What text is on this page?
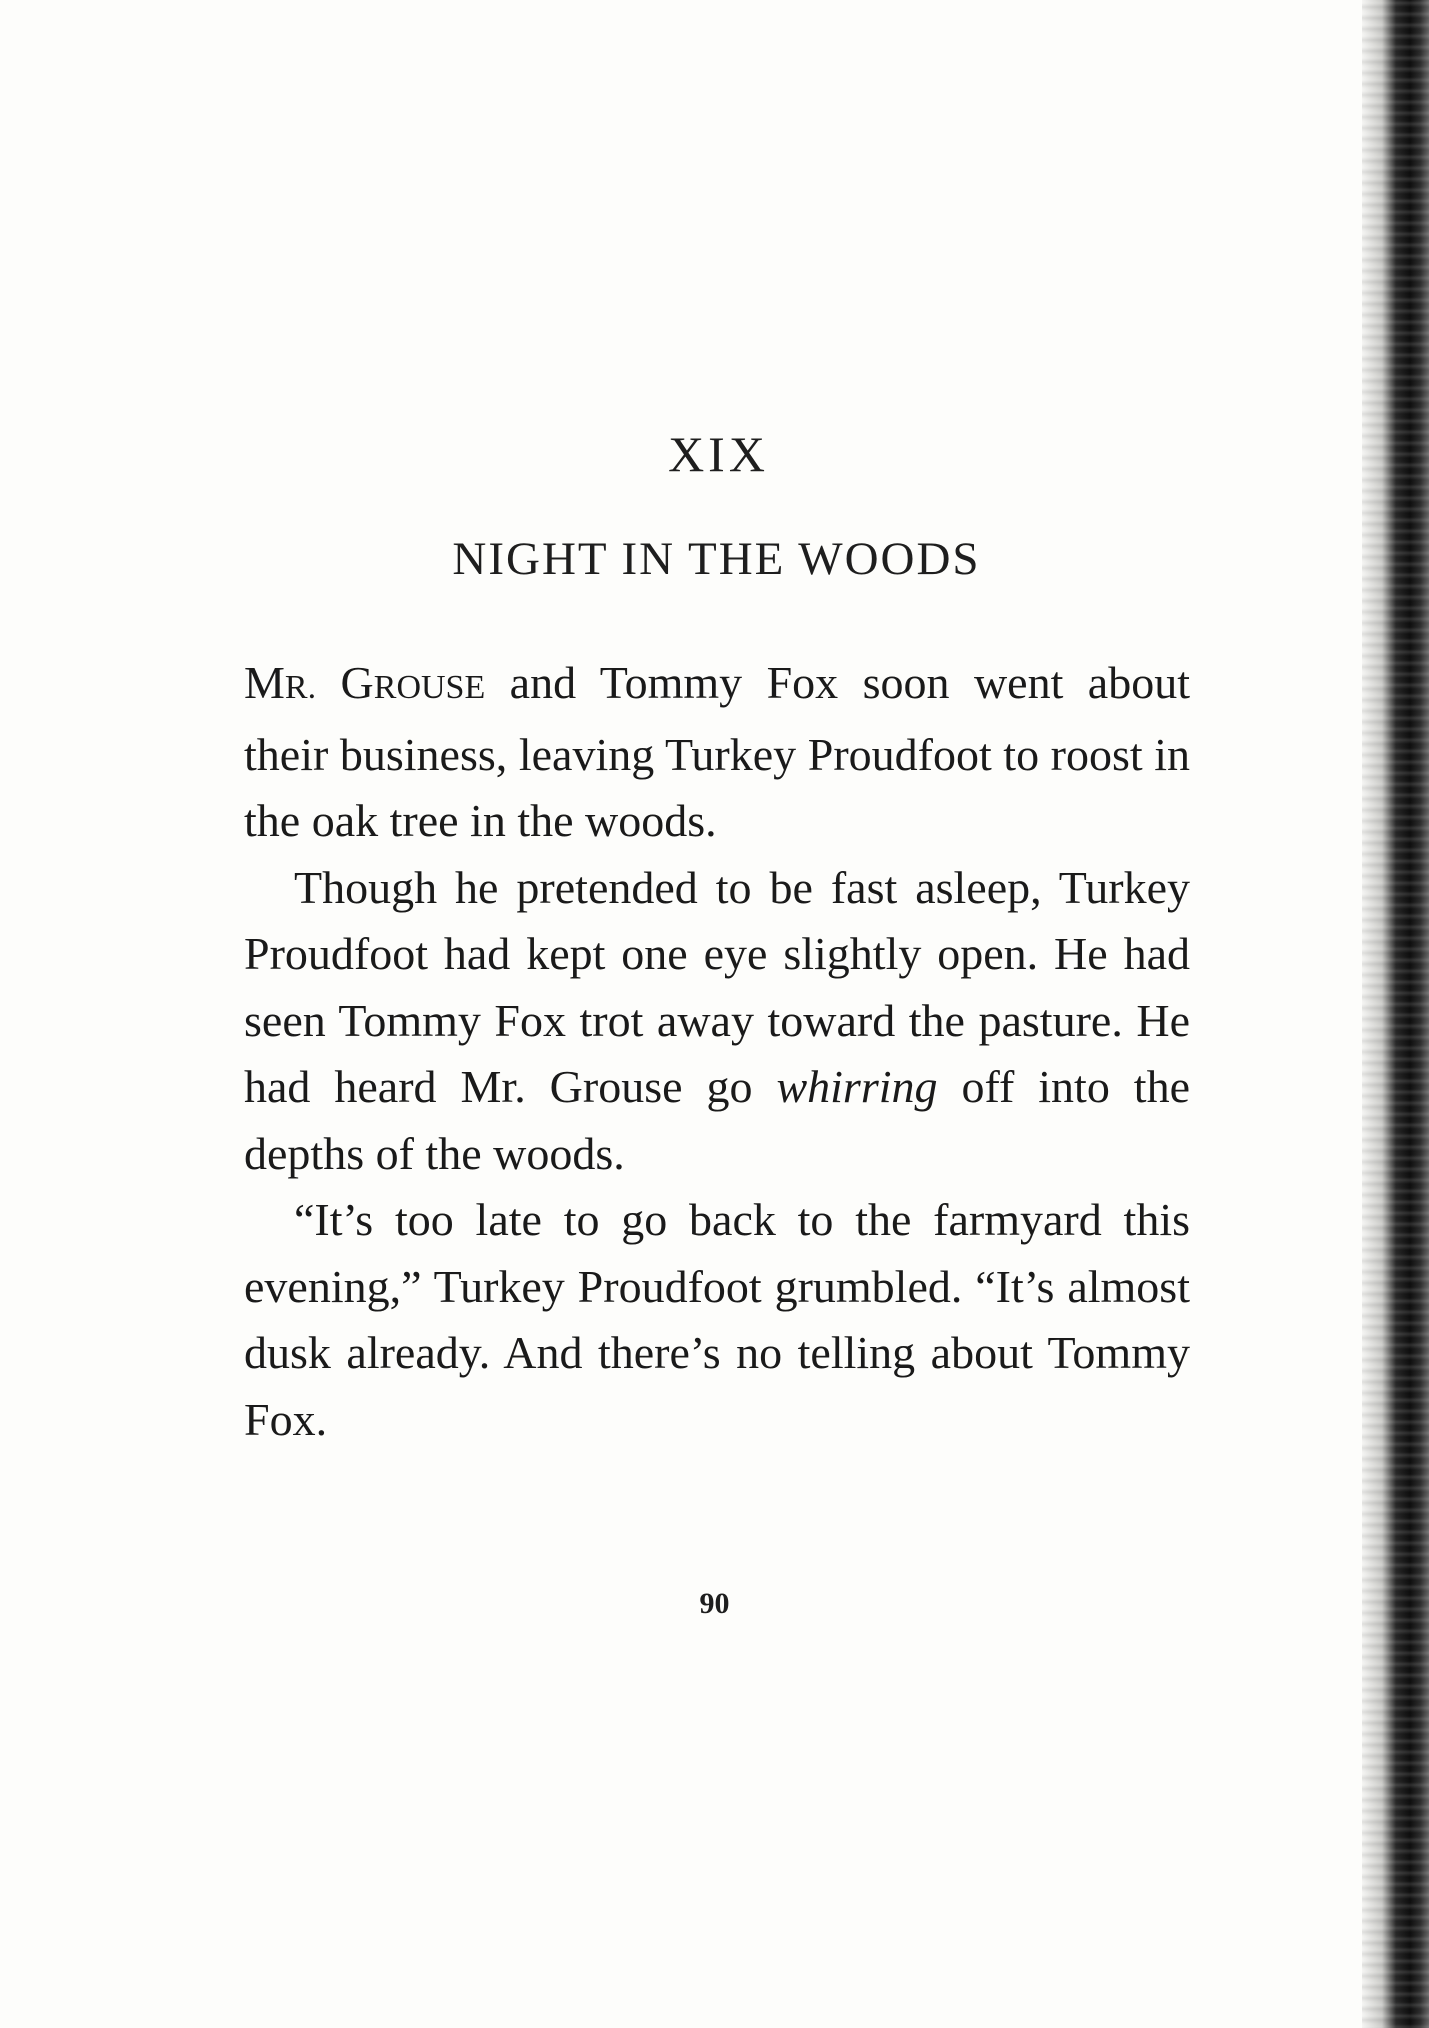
XIX
NIGHT IN THE WOODS

MR. GROUSE and Tommy Fox soon went about their business, leaving Turkey Proudfoot to roost in the oak tree in the woods.

Though he pretended to be fast asleep, Turkey Proudfoot had kept one eye slightly open. He had seen Tommy Fox trot away toward the pasture. He had heard Mr. Grouse go whirring off into the depths of the woods.

“It’s too late to go back to the farmyard this evening,” Turkey Proudfoot grumbled. “It’s almost dusk already. And there’s no telling about Tommy Fox.

90
